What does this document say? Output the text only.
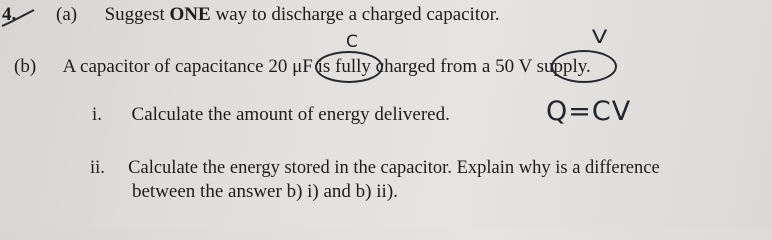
4. (a) Suggest ONE way to discharge a charged capacitor.
(b) A capacitor of capacitance 20 μF is fully charged from a 50 V supply.
i. Calculate the amount of energy delivered.
ii. Calculate the energy stored in the capacitor. Explain why is a difference
between the answer b) i) and b) ii).
C	V
Q=CV
